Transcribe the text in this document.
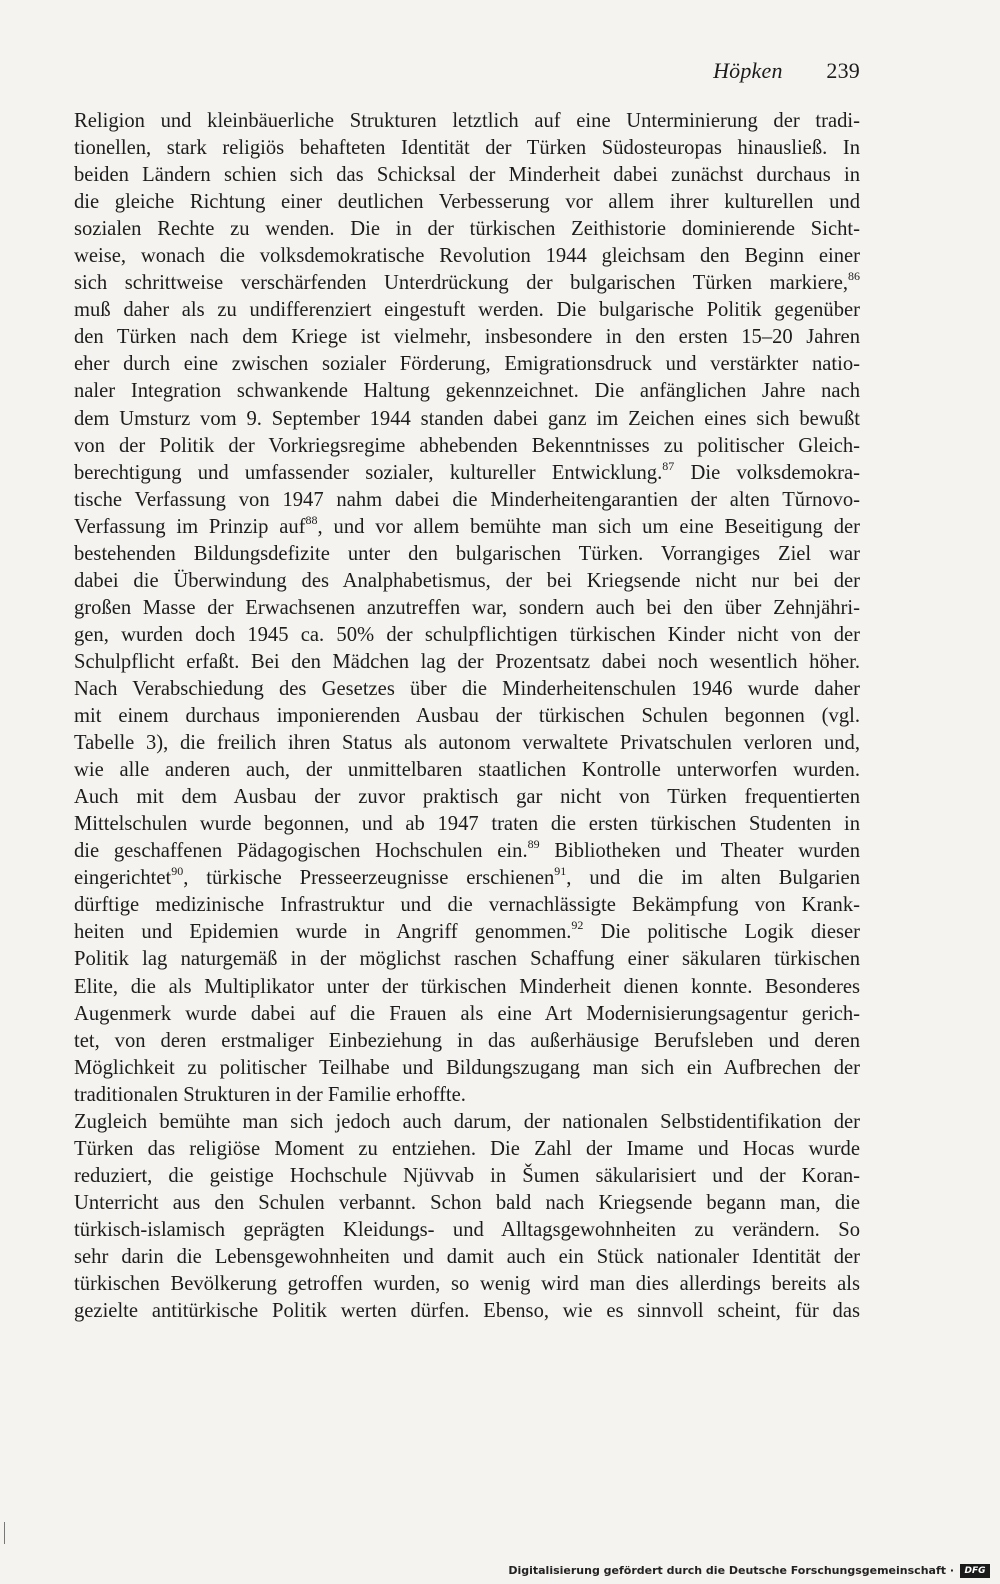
Höpken 239
Religion und kleinbäuerliche Strukturen letztlich auf eine Unterminierung der tradi-
tionellen, stark religiös behafteten Identität der Türken Südosteuropas hinausließ. In
beiden Ländern schien sich das Schicksal der Minderheit dabei zunächst durchaus in
die gleiche Richtung einer deutlichen Verbesserung vor allem ihrer kulturellen und
sozialen Rechte zu wenden. Die in der türkischen Zeithistorie dominierende Sicht-
weise, wonach die volksdemokratische Revolution 1944 gleichsam den Beginn einer
sich schrittweise verschärfenden Unterdrückung der bulgarischen Türken markiere,$^{86}$
muß daher als zu undifferenziert eingestuft werden. Die bulgarische Politik gegenüber
den Türken nach dem Kriege ist vielmehr, insbesondere in den ersten 15–20 Jahren
eher durch eine zwischen sozialer Förderung, Emigrationsdruck und verstärkter natio-
naler Integration schwankende Haltung gekennzeichnet. Die anfänglichen Jahre nach
dem Umsturz vom 9. September 1944 standen dabei ganz im Zeichen eines sich bewußt
von der Politik der Vorkriegsregime abhebenden Bekenntnisses zu politischer Gleich-
berechtigung und umfassender sozialer, kultureller Entwicklung.$^{87}$ Die volksdemokra-
tische Verfassung von 1947 nahm dabei die Minderheitengarantien der alten Tŭrnovo-
Verfassung im Prinzip auf$^{88}$, und vor allem bemühte man sich um eine Beseitigung der
bestehenden Bildungsdefizite unter den bulgarischen Türken. Vorrangiges Ziel war
dabei die Überwindung des Analphabetismus, der bei Kriegsende nicht nur bei der
großen Masse der Erwachsenen anzutreffen war, sondern auch bei den über Zehnjähri-
gen, wurden doch 1945 ca. 50% der schulpflichtigen türkischen Kinder nicht von der
Schulpflicht erfaßt. Bei den Mädchen lag der Prozentsatz dabei noch wesentlich höher.
Nach Verabschiedung des Gesetzes über die Minderheitenschulen 1946 wurde daher
mit einem durchaus imponierenden Ausbau der türkischen Schulen begonnen (vgl.
Tabelle 3), die freilich ihren Status als autonom verwaltete Privatschulen verloren und,
wie alle anderen auch, der unmittelbaren staatlichen Kontrolle unterworfen wurden.
Auch mit dem Ausbau der zuvor praktisch gar nicht von Türken frequentierten
Mittelschulen wurde begonnen, und ab 1947 traten die ersten türkischen Studenten in
die geschaffenen Pädagogischen Hochschulen ein.$^{89}$ Bibliotheken und Theater wurden
eingerichtet$^{90}$, türkische Presseerzeugnisse erschienen$^{91}$, und die im alten Bulgarien
dürftige medizinische Infrastruktur und die vernachlässigte Bekämpfung von Krank-
heiten und Epidemien wurde in Angriff genommen.$^{92}$ Die politische Logik dieser
Politik lag naturgemäß in der möglichst raschen Schaffung einer säkularen türkischen
Elite, die als Multiplikator unter der türkischen Minderheit dienen konnte. Besonderes
Augenmerk wurde dabei auf die Frauen als eine Art Modernisierungsagentur gerich-
tet, von deren erstmaliger Einbeziehung in das außerhäusige Berufsleben und deren
Möglichkeit zu politischer Teilhabe und Bildungszugang man sich ein Aufbrechen der
traditionalen Strukturen in der Familie erhoffte.
Zugleich bemühte man sich jedoch auch darum, der nationalen Selbstidentifikation der
Türken das religiöse Moment zu entziehen. Die Zahl der Imame und Hocas wurde
reduziert, die geistige Hochschule Njüvvab in Šumen säkularisiert und der Koran-
Unterricht aus den Schulen verbannt. Schon bald nach Kriegsende begann man, die
türkisch-islamisch geprägten Kleidungs- und Alltagsgewohnheiten zu verändern. So
sehr darin die Lebensgewohnheiten und damit auch ein Stück nationaler Identität der
türkischen Bevölkerung getroffen wurden, so wenig wird man dies allerdings bereits als
gezielte antitürkische Politik werten dürfen. Ebenso, wie es sinnvoll scheint, für das
Digitalisierung gefördert durch die Deutsche Forschungsgemeinschaft ·	DFG
